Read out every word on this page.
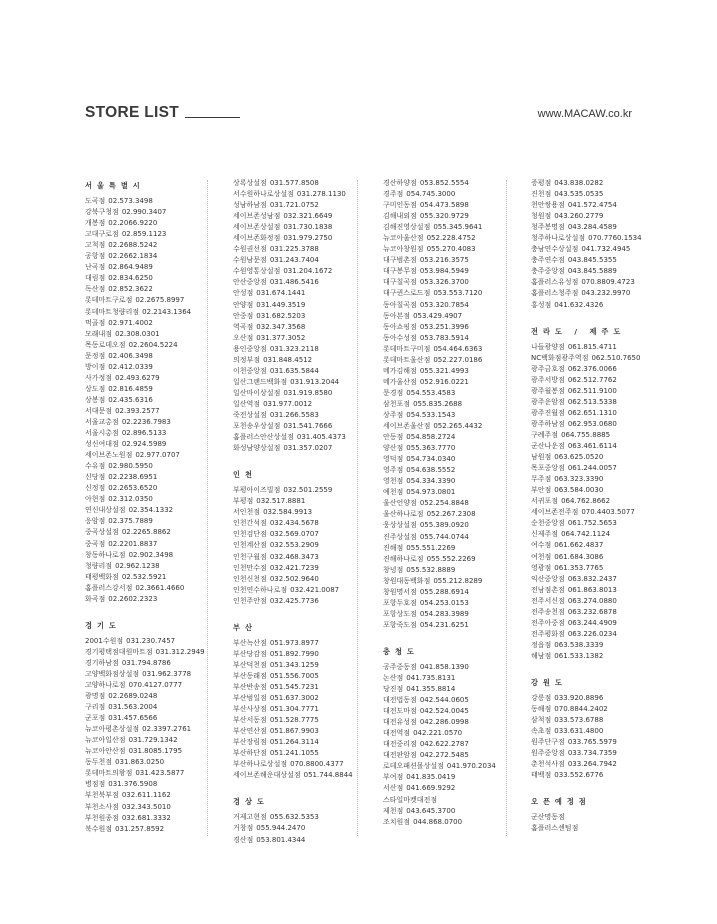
STORE LIST	www.MACAW.co.kr
서울특별시
도곡점 02.573.3498
강북구청점 02.990.3407
개봉점 02.2066.9220
고대구로점 02.859.1123
고척점 02.2688.5242
공항점 02.2662.1834
난곡점 02.864.9489
대림점 02.834.6250
독산점 02.852.3622
롯데마트구로점 02.2675.8997
롯데마트청량리점 02.2143.1364
먹골점 02.971.4002
모래내점 02.308.0301
목동로데오점 02.2604.5224
문정점 02.406.3498
방이점 02.412.0339
사가정점 02.493.6279
상도점 02.816.4859
상봉점 02.435.6316
서대문점 02.393.2577
서울교총점 02.2236.7983
서울시총점 02.896.5133
성신여대점 02.924.5989
세이브존노원점 02.977.0707
수유점 02.980.5950
신당점 02.2238.6951
신정점 02.2653.6520
아현점 02.312.0350
연신내상설점 02.354.1332
응암점 02.375.7889
중곡상설점 02.2265.8862
중곡점 02.2201.8837
창동하나로점 02.902.3498
청량리점 02.962.1238
태평백화점 02.532.5921
홈플러스강서점 02.3661.4660
화곡점 02.2602.2323
경기도
2001수원점 031.230.7457
경기평택점대원마트점 031.312.2949
경기하남점 031.794.8786
고양백화점상설점 031.962.3778
고양하나로점 070.4127.0777
광명점 02.2689.0248
구리점 031.563.2004
군포점 031.457.6566
뉴코아평촌상설점 02.3397.2761
뉴코아일산점 031.729.1342
뉴코아안산점 031.8085.1795
동두천점 031.863.0250
롯데마트의왕점 031.423.5877
병점점 031.376.5908
부천북부점 032.611.1162
부천소사점 032.343.5010
부천원종점 032.681.3332
북수원점 031.257.8592
상록상설점 031.577.8508
서수원하나로상설점 031.278.1130
성남하남점 031.721.0752
세이브존성남점 032.321.6649
세이브존상설점 031.730.1838
세이브존화정점 031.979.2750
수원권선점 031.225.3788
수원남문점 031.243.7404
수원영통상설점 031.204.1672
안산중앙점 031.486.5416
안성점 031.674.1441
안양점 031.449.3519
안중점 031.682.5203
역곡점 032.347.3568
오산점 031.377.3052
용인중앙점 031.323.2118
의정부점 031.848.4512
이천중앙점 031.635.5844
일산그랜드백화점 031.913.2044
일산마이상설점 031.919.8580
일산역점 031.977.0012
죽전상설점 031.266.5583
포천송우상설점 031.541.7666
홈플러스안산상설점 031.405.4373
화성남양상설점 031.357.0207
인천
부평아이즈빌점 032.501.2559
부평점 032.517.8881
서인천점 032.584.9913
인천간석점 032.434.5678
인천검단점 032.569.0707
인천계산점 032.553.2909
인천구월점 032.468.3473
인천만수점 032.421.7239
인천신천점 032.502.9640
인천연수하나로점 032.421.0087
인천주안점 032.425.7736
부산
부산녹산점 051.973.8977
부산당감점 051.892.7990
부산덕천점 051.343.1259
부산동래점 051.556.7005
부산반송점 051.545.7231
부산범일점 051.637.3002
부산사상점 051.304.7771
부산서동점 051.528.7775
부산연산점 051.867.9903
부산장림점 051.264.3114
부산하단점 051.241.1055
부산하나로상설점 070.8800.4377
세이브존해운대상설점 051.744.8844
경상도
거제고현점 055.632.5353
거창점 055.944.2470
경산점 053.801.4344
경산하양점 053.852.5554
경주점 054.745.3000
구미인동점 054.473.5898
김해내외점 055.320.9729
김해진영상설점 055.345.9641
뉴코아울산점 052.228.4752
뉴코아창원점 055.270.4083
대구범촌점 053.216.3575
대구봉무점 053.984.5949
대구칠곡점 053.326.3700
대구퀸스로드점 053.553.7120
동아칠곡점 053.320.7854
동아본점 053.429.4907
동아쇼핑점 053.251.3996
동아수성점 053.783.5914
롯데마트구미점 054.464.6363
롯데마트울산점 052.227.0186
메가김해점 055.321.4993
메가울산점 052.916.0221
문경점 054.553.4583
삼천포점 055.835.2688
상주점 054.533.1543
세이브존울산점 052.265.4432
안동점 054.858.2724
양산점 055.363.7770
영덕점 054.734.0340
영주점 054.638.5552
영천점 054.334.3390
예천점 054.973.0801
울산언양점 052.254.8848
울산하나로점 052.267.2308
웅상상설점 055.389.0920
진주상설점 055.744.0744
진해점 055.551.2269
진해하나로점 055.552.2269
창녕점 055.532.8889
창원대동백화점 055.212.8289
창원명서점 055.288.6914
포항두호점 054.253.0153
포항상도점 054.283.3989
포항죽도점 054.231.6251
충청도
공주중동점 041.858.1390
논산점 041.735.8131
당진점 041.355.8814
대전법동점 042.544.0605
대전도마점 042.524.0045
대전유성점 042.286.0998
대전역점 042.221.0570
대전중리점 042.622.2787
대전판암점 042.272.5485
로데오패션몰상설점 041.970.2034
부여점 041.835.0419
서산점 041.669.9292
스타일마켓대전점
제천점 043.645.3700
조치원점 044.868.0700
증평점 043.838.0282
진천점 043.535.0535
천안쌍용점 041.572.4754
청원점 043.260.2779
청주봉명점 043.284.4589
청주하나로상설점 070.7760.1534
충남연수상설점 041.732.4945
충주연수점 043.845.5355
충주중앙점 043.845.5889
홈플러스유성점 070.8809.4723
홈플러스청주점 043.232.9970
홍성점 041.632.4326
전라도 / 제주도
나들광양점 061.815.4711
NC백화점광주역점 062.510.7650
광주금호점 062.376.0066
광주서방점 062.512.7762
광주월봉점 062.511.9100
광주운암점 062.513.5338
광주진월점 062.651.1310
광주하남점 062.953.0680
구례주점 064.755.8885
군산나운점 063.461.6114
남원점 063.625.0520
목포중앙점 061.244.0057
무주점 063.323.3390
부안점 063.584.0030
서귀포점 064.762.8662
세이브존전주점 070.4403.5077
순천중앙점 061.752.5653
신제주점 064.742.1124
여수점 061.662.4837
여천점 061.684.3086
영광점 061.353.7765
익산중앙점 063.832.2437
전남점촌점 061.863.8013
전주서신점 063.274.0880
전주송천점 063.232.6878
전주아중점 063.244.4909
전주평화점 063.226.0234
정읍점 063.538.3339
해남점 061.533.1382
강원도
강릉점 033.920.8896
동해점 070.8844.2402
삼척점 033.573.6788
속초점 033.631.4800
원주단구점 033.765.5979
원주중앙점 033.734.7359
춘천석사점 033.264.7942
태백점 033.552.6776
오픈예정점
군산명동점
홈플러스센텀점
